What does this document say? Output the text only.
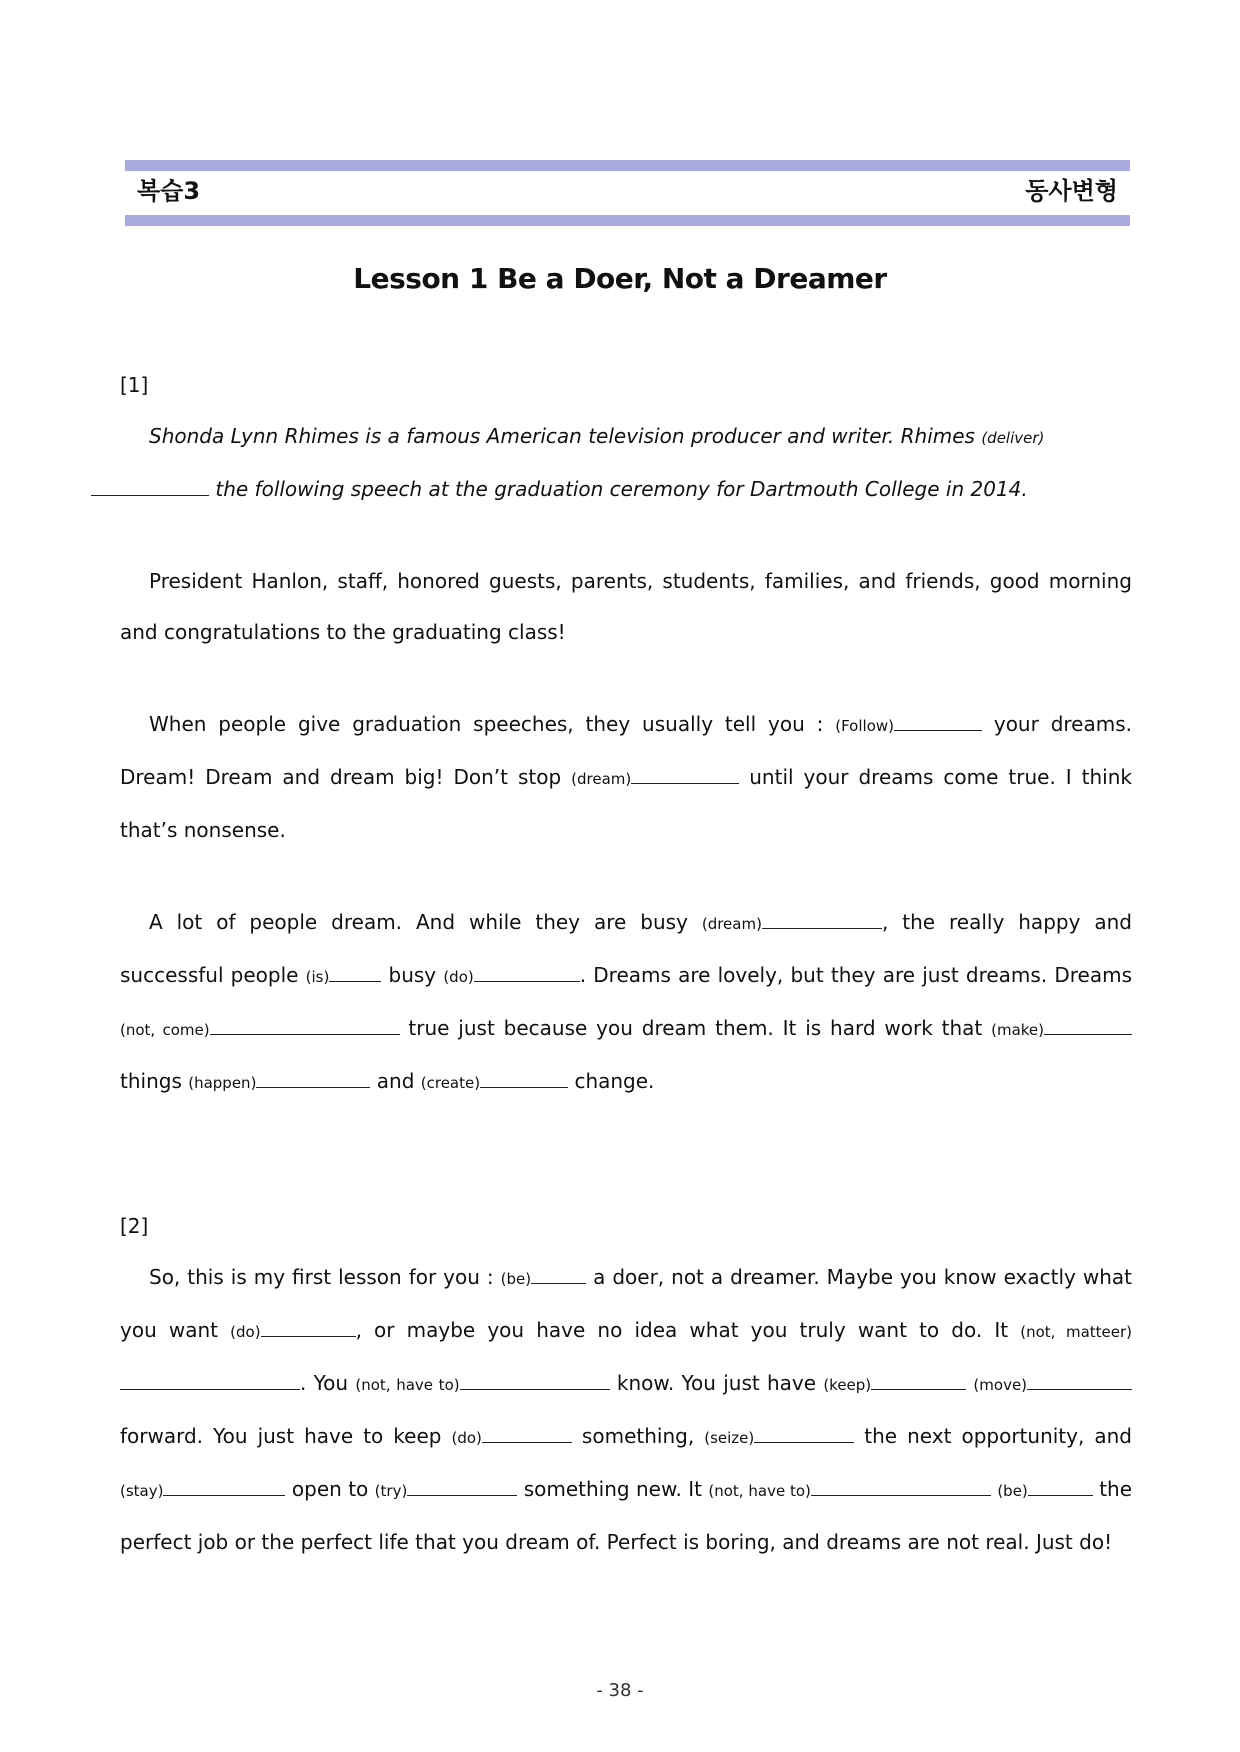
복습3	동사변형
Lesson 1 Be a Doer, Not a Dreamer
[1]

Shonda Lynn Rhimes is a famous American television producer and writer. Rhimes (deliver)
the following speech at the graduation ceremony for Dartmouth College in 2014.

President Hanlon, staff, honored guests, parents, students, families, and friends, good morning and congratulations to the graduating class!

When people give graduation speeches, they usually tell you : (Follow)	your dreams. Dream! Dream and dream big! Don’t stop (dream)	until your dreams come true. I think that’s nonsense.

A lot of people dream. And while they are busy (dream)	, the really happy and successful people (is)	busy (do)	. Dreams are lovely, but they are just dreams. Dreams (not, come)	true just because you dream them. It is hard work that (make) things (happen)	and (create)	change.

[2]

So, this is my first lesson for you : (be)	a doer, not a dreamer. Maybe you know exactly what you want (do)	, or maybe you have no idea what you truly want to do. It (not, matteer). You (not, have to)	know. You just have (keep)	(move) forward. You just have to keep (do)	something, (seize)	the next opportunity, and (stay)	open to (try)	something new. It (not, have to)	(be)	the perfect job or the perfect life that you dream of. Perfect is boring, and dreams are not real. Just do!

- 38 -
